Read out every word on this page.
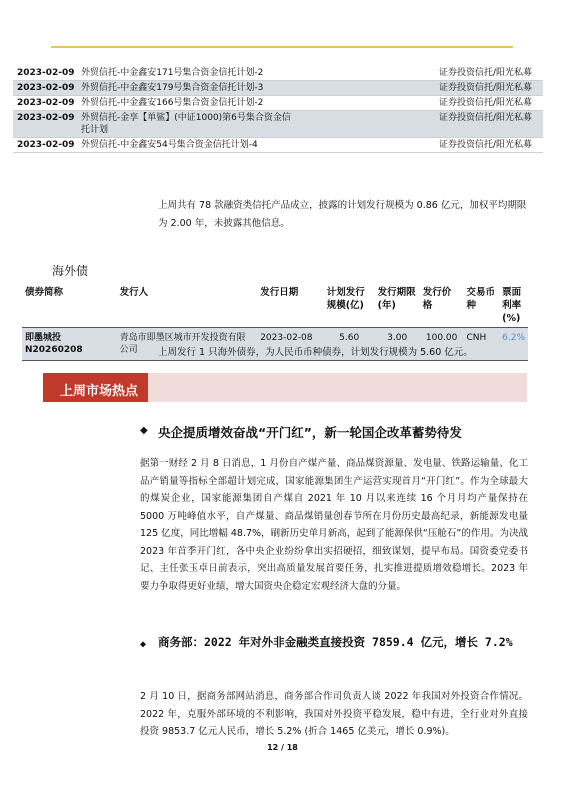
2023-02-09	外贸信托-中金鑫安171号集合资金信托计划-2	证券投资信托/阳光私募
2023-02-09	外贸信托-中金鑫安179号集合资金信托计划-3	证券投资信托/阳光私募
2023-02-09	外贸信托-中金鑫安166号集合资金信托计划-2	证券投资信托/阳光私募
2023-02-09	外贸信托-金享【单鲨】(中证1000)第6号集合资金信托计划	证券投资信托/阳光私募
2023-02-09	外贸信托-中金鑫安54号集合资金信托计划-4	证券投资信托/阳光私募
上周共有 78 款融资类信托产品成立，披露的计划发行规模为 0.86 亿元，加权平均期限为 2.00 年，未披露其他信息。
海外债
债券简称	发行人	发行日期	计划发行规模(亿)	发行期限(年)	发行价格	交易币种	票面利率(%)
即墨城投 N20260208	青岛市即墨区城市开发投资有限公司	2023-02-08	5.60	3.00	100.00	CNH	6.2%
上周发行 1 只海外债券，为人民币币种债券，计划发行规模为 5.60 亿元。
上周市场热点
◆ 央企提质增效奋战“开门红”，新一轮国企改革蓄势待发
据第一财经 2 月 8 日消息，1 月份自产煤产量、商品煤资源量、发电量、铁路运输量、化工品产销量等指标全部超计划完成，国家能源集团生产运营实现首月“开门红”。作为全球最大的煤炭企业，国家能源集团自产煤自 2021 年 10 月以来连续 16 个月月均产量保持在 5000 万吨峰值水平，自产煤量、商品煤销量创春节所在月份历史最高纪录，新能源发电量 125 亿度，同比增幅 48.7%，刷新历史单月新高，起到了能源保供“压舱石”的作用。为决战 2023 年首季开门红，各中央企业纷纷拿出实招硬招，细致谋划，提早布局。国资委党委书记、主任张玉卓日前表示，突出高质量发展首要任务，扎实推进提质增效稳增长。2023 年要力争取得更好业绩，增大国资央企稳定宏观经济大盘的分量。
◆ 商务部：2022 年对外非金融类直接投资 7859.4 亿元，增长 7.2%
2 月 10 日，据商务部网站消息，商务部合作司负责人谈 2022 年我国对外投资合作情况。2022 年，克服外部环境的不利影响，我国对外投资平稳发展，稳中有进，全行业对外直接投资 9853.7 亿元人民币，增长 5.2% (折合 1465 亿美元，增长 0.9%)。
12 / 18
